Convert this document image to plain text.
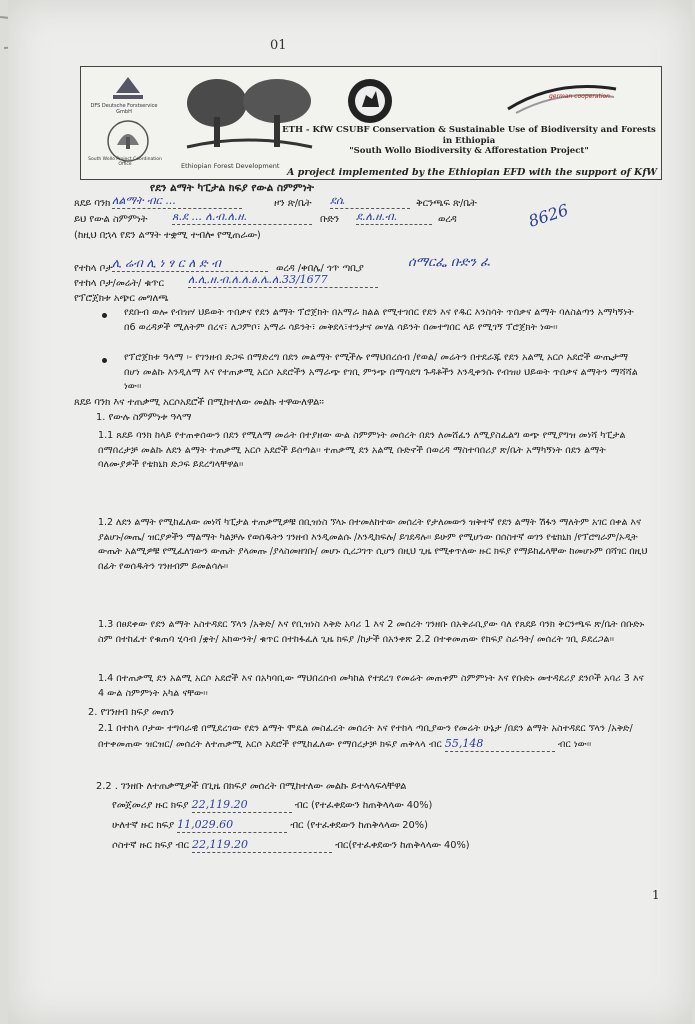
01
DFS Deutsche Forstservice GmbH
South Wollo Project Coordination Office	Ethiopian Forest Development
german cooperation
ETH - KfW CSUBF Conservation & Sustainable Use of Biodiversity and Forests in Ethiopia
"South Wollo Biodiversity & Afforestation Project"
A project implemented by the Ethiopian EFD with the support of KfW
የደን ልማት ካፒታል ክፍያ የውል ስምምነት
ጸደይ ባንክ ለልማት ብር ...	ዞን ጽ/ቤት ደሴ	ቅርንጫፍ ጽ/ቤት
ይህ የውል ስምምነት ጸ.ደ ... ለ.ብ.ለ.ዘ.	ቡድን ደ.ለ.ዘ.ብ.	ወረዳ	8626
(ከዚህ በኋላ የደን ልማት ተቋሚ ተብሎ የሚጠራው)
የተከላ ቦታ ሊ ሬብ ሊ ነ ፃ ር ለ ድ ብ	ወረዳ /ቀበሌ/ ጎጥ ጣቢያ	ሰማርፌ ቡድን ፈ
የተከላ ቦታ/መሬት/ ቁጥር ለ.ሊ.ዘ.ብ.ለ.ለ.ፅ.ሌ.ለ.33/1677
የፕሮጀክቱ አጭር መግለጫ
የደቡብ ወሎ የብዝሃ ህይወት ጥበቃና የደን ልማት ፕሮጀክት በአማራ ክልል የሚተገበር የደን እና የዱር እንስሳት ጥበቃና ልማት ባለስልጣን አማካኝነት በ6 ወረዳዎች ሚለትም በረና፣ ለጋምቦ፣ አማራ ሳይንት፣ መቅደላ፣ተንታና መሃል ሳይንት በመተግበር ላይ የሚገኝ ፕሮጀክት ነው፡፡
የፕሮጀክቱ ዓላማ ፡- የገንዘብ ድጋፍ በማድረግ በደን መልማት የሚችሉ የማህበረሰብ /የወል/ መሬትን በተደራጁ የደን አልሚ አርሶ አደሮች ውጤታማ በሆነ መልኩ እንዲለማ እና የተጠቃሚ አርሶ አደሮችን አማራጭ የገቢ ምንጭ በማሳደግ ጉዳቶችን እንዲቀንሱ የብዝሀ ህይወት ጥበቃና ልማትን ማሻሻል ነው፡፡
ጸደይ ባንክ እና ተጠቃሚ አርሶአደሮች በሚከተለው መልኩ ተዋውለዋል፡፡
1. የውሉ ስምምነቱ ዓላማ
1.1 ጸደይ ባንክ ከላይ የተጠቀሰውን በደን የሚለማ መሬት በተያዘው ውል ስምምነት መሰረት በደን ለመሸፈን ለሚያስፈልግ ወጭ የሚያግዝ መነሻ ካፒታል በማበረታቻ መልኩ ለደን ልማት ተጠቃሚ አርሶ አደሮች ይሰጣል፡፡ ተጠቃሚ ደን አልሚ ቡድኖች በወረዳ ማስተባበሪያ ጽ/ቤት አማካኝነት በደን ልማት ባለሙያዎች የቴክኒክ ድጋፍ ይደረግላቸዋል፡፡
1.2 ለደን ልማት የሚከፈለው መነሻ ካፒታል ተጠቃሚዎቹ በቢዝነስ ኘላኑ በተመለከተው መሰረት የታለመውን ዝቅተኛ የደን ልማት ሽፋን ማለትም አገር በቀል እና ያልሆኑ/መጤ/ ዝርያዎችን ማልማት ካልቻሉ የወሰዱትን ገንዘብ እንዲመልሱ /እንዲከፍሉ/ ይገደዳሉ፡፡ ይሁም የሚሆነው በሰስተኛ ወገን የቴክኒክ /የፕሮግራም/ኦዲት ውጤት አልሚዎቹ የሚፈለገውን ውጤት ያላመጡ /ያላስመዘገቡ/ መሆኑ ሲረጋገጥ ሲሆን በዚህ ጊዜ የሚቀጥለው ዙር ክፍያ የማይከፈላቸው ከመሆኑም በሻገር በዚህ በፊት የወሰዱትን ገንዘብም ይመልሳሉ፡፡
1.3 በፀደቀው የደን ልማት አስተዳደር ኘላን /አቅድ/ እና የቢዝነስ እቅድ አባሪ 1 እና 2 መሰረት ገንዘቡ በአቅራቢያው ባለ የጸደይ ባንክ ቅርንጫፍ ጽ/ቤት በቡድኑ ስም በተከፈተ የቁጠባ ሂሳብ /ቋት/ አከውንት/ ቁጥር በተከፋፈለ ጊዜ ክፍያ /ከታች በአንቀጽ 2.2 በተቀመጠው የክፍያ ስራዓት/ መሰረት ገቢ ይደረጋል፡፡
1.4 በተጠቃሚ ደን አልሚ አርሶ አደሮች እና በአካባቢው ማህበረሰብ መካከል የተደረገ የመሬት መጠቀም ስምምነት እና የቡድኑ መተዳደሪያ ደንቦች አባሪ 3 እና 4 ውል ስምምነት አካል ናቸው፡፡
2. የገንዘብ ክፍያ መጠን
2.1 በተከላ ቦታው ተግባራዊ በሚደረገው የደን ልማት ሞዴል መስፈረት መሰረት እና የተከላ ጣቢያውን የመሬት ሁኔታ /በደን ልማት አስተዳደር ኘላን /አቅድ/ በተቀመጠው ዝርዝር/ መሰረት ለተጠቃሚ አርሶ አደሮች የሚከፈለው የማበረታቻ ክፍያ ጠቅላላ ብር 55,148	ብር ነው፡፡
2.2 . ገንዘቡ ለተጠቃሚዎች በጊዜ በክፍያ መሰረት በሚከተለው መልኩ ይተላላፍላቸዋል
የመጀመሪያ ዙር ክፍያ 22,119.20	ብር (የተፈቀደውን ከጠቅላላው 40%)
ሁለተኛ ዙር ክፍያ 11,029.60	ብር (የተፈቀደውን ከጠቅላላው 20%)
ሶስተኛ ዙር ክፍያ ብር 22,119.20	ብር(የተፈቀደውን ከጠቅላላው 40%)
1
